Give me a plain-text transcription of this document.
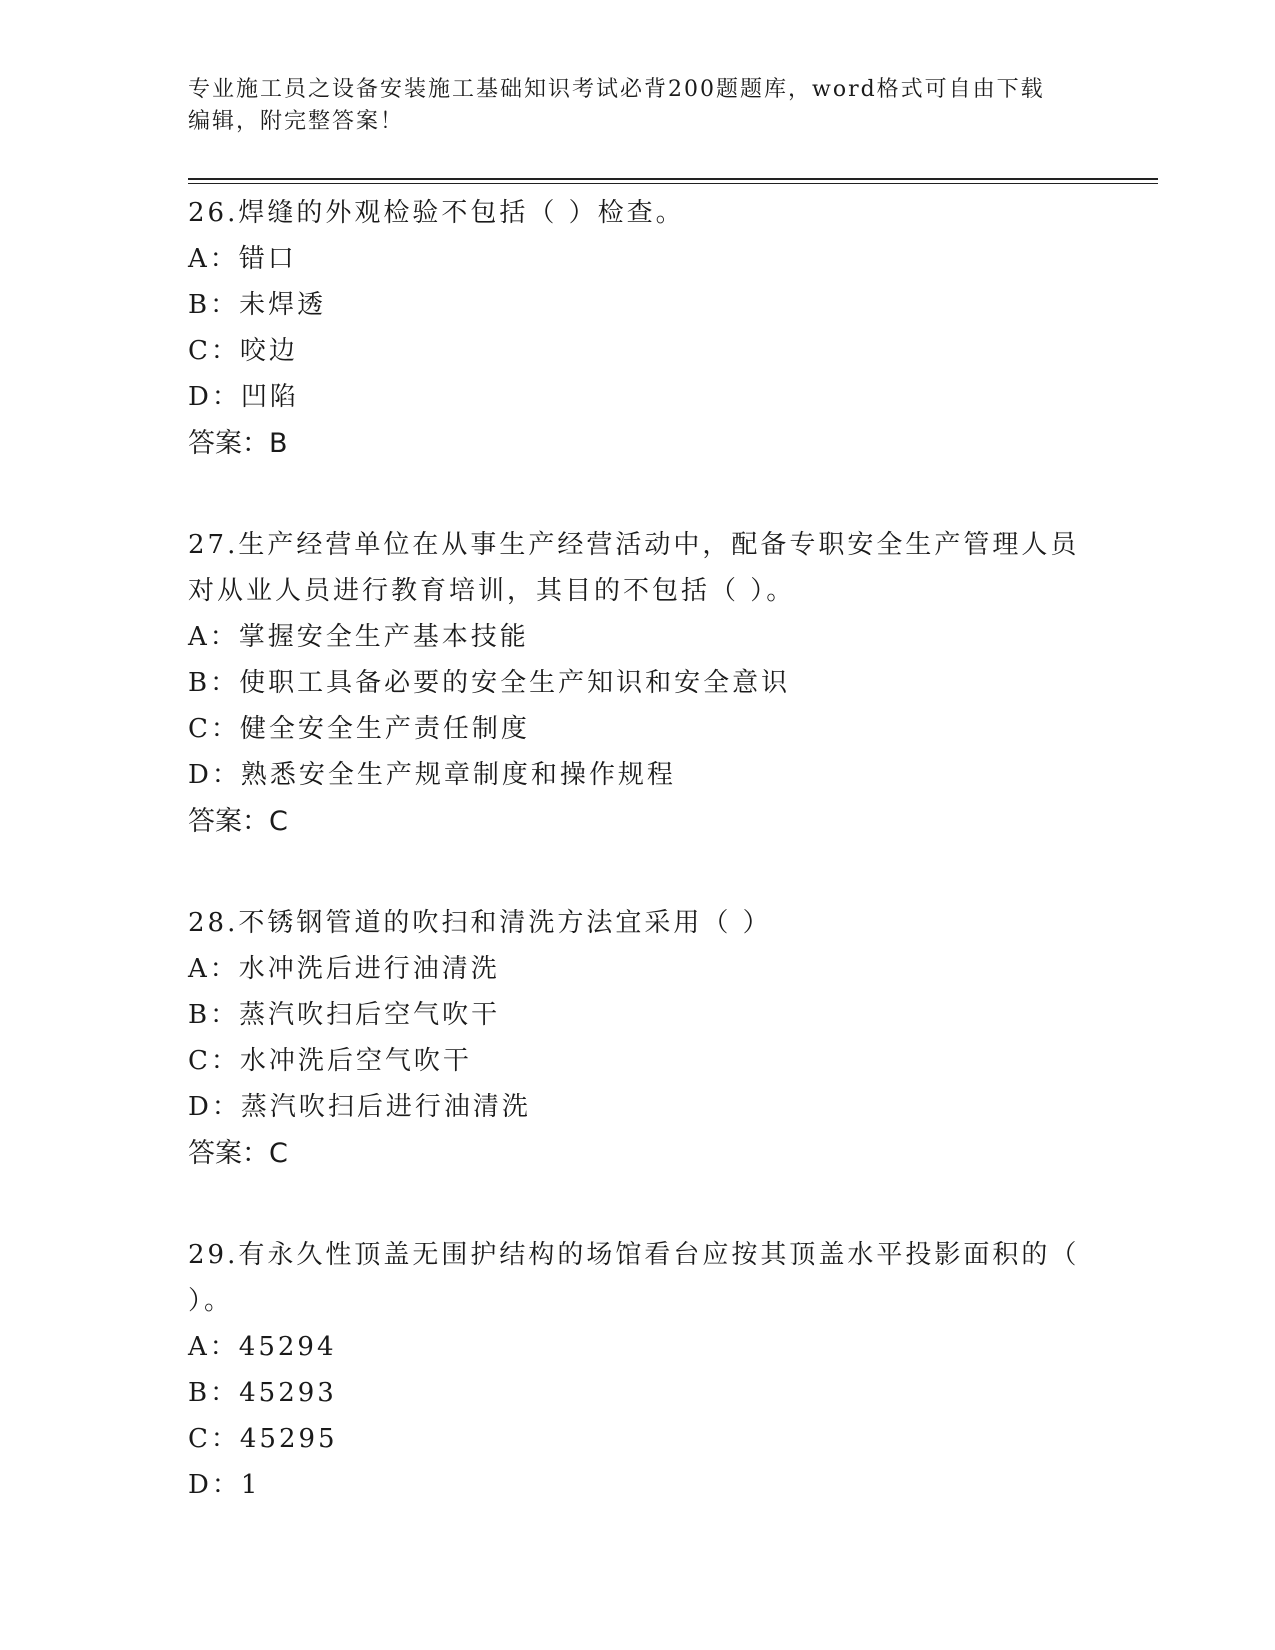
专业施工员之设备安装施工基础知识考试必背200题题库，word格式可自由下载
编辑，附完整答案！
26.焊缝的外观检验不包括（ ）检查。
A：错口
B：未焊透
C：咬边
D：凹陷
答案：B
27.生产经营单位在从事生产经营活动中，配备专职安全生产管理人员
对从业人员进行教育培训，其目的不包括（ ）。
A：掌握安全生产基本技能
B：使职工具备必要的安全生产知识和安全意识
C：健全安全生产责任制度
D：熟悉安全生产规章制度和操作规程
答案：C
28.不锈钢管道的吹扫和清洗方法宜采用（ ）
A：水冲洗后进行油清洗
B：蒸汽吹扫后空气吹干
C：水冲洗后空气吹干
D：蒸汽吹扫后进行油清洗
答案：C
29.有永久性顶盖无围护结构的场馆看台应按其顶盖水平投影面积的（
）。
A：45294
B：45293
C：45295
D：1
